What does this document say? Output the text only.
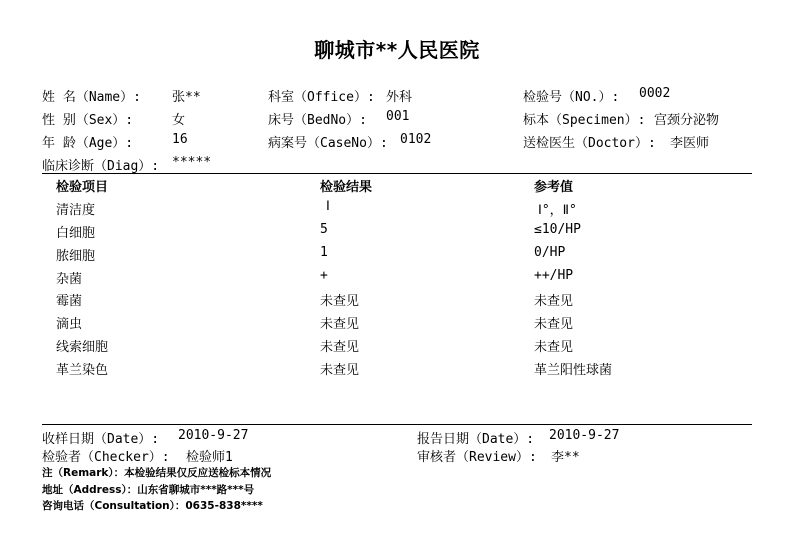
聊城市**人民医院
姓 名（Name）: 张**
性 别（Sex）:	女
年 龄（Age）:	16
临床诊断（Diag）: *****
科室（Office）: 外科
床号（BedNo）: 001
病案号（CaseNo）: 0102
检验号（NO.）: 0002
标本（Specimen）: 宫颈分泌物
送检医生（Doctor）: 李医师
检验项目	检验结果	参考值
清洁度	Ⅰ	Ⅰ°，Ⅱ°
白细胞	5	≤10/HP
脓细胞	1	0/HP
杂菌	+	++/HP
霉菌	未查见	未查见
滴虫	未查见	未查见
线索细胞	未查见	未查见
革兰染色	未查见	革兰阳性球菌
收样日期（Date）: 2010-9-27	报告日期（Date）: 2010-9-27
检验者（Checker）: 检验师1	审核者（Review）: 李**
注（Remark）：本检验结果仅反应送检标本情况
地址（Address）：山东省聊城市***路***号
咨询电话（Consultation）：0635-838****
